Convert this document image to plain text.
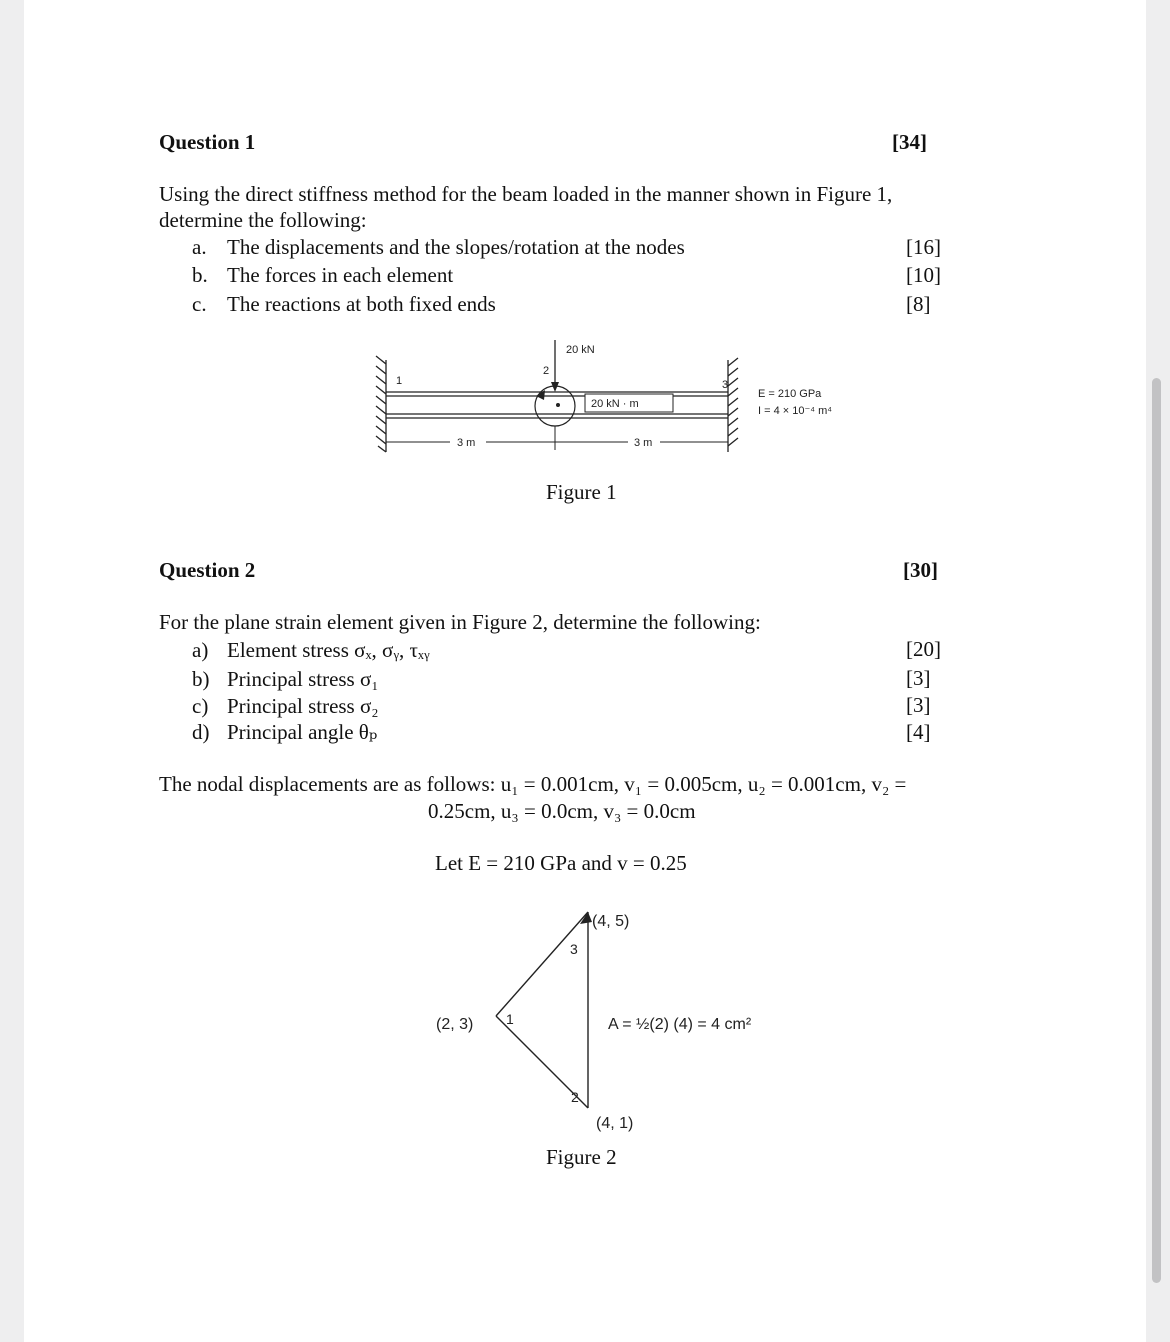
Question 1	[34]
Using the direct stiffness method for the beam loaded in the manner shown in Figure 1,
determine the following:
a. The displacements and the slopes/rotation at the nodes	[16]
b. The forces in each element	[10]
c. The reactions at both fixed ends	[8]
3 m	3 m
20 kN
20 kN · m
1
2
3
E = 210 GPa
I = 4 × 10⁻⁴ m⁴
Figure 1
Question 2	[30]
For the plane strain element given in Figure 2, determine the following:
a) Element stress σₓ, σᵧ, τₓᵧ	[20]
b) Principal stress σ₁	[3]
c) Principal stress σ₂	[3]
d) Principal angle θₚ	[4]
The nodal displacements are as follows: u₁ = 0.001cm, v₁ = 0.005cm, u₂ = 0.001cm, v₂ =
0.25cm, u₃ = 0.0cm, v₃ = 0.0cm
Let E = 210 GPa and v = 0.25
(4, 5)
(2, 3)
(4, 1)
1
2
3
A = ½(2) (4) = 4 cm²
Figure 2
